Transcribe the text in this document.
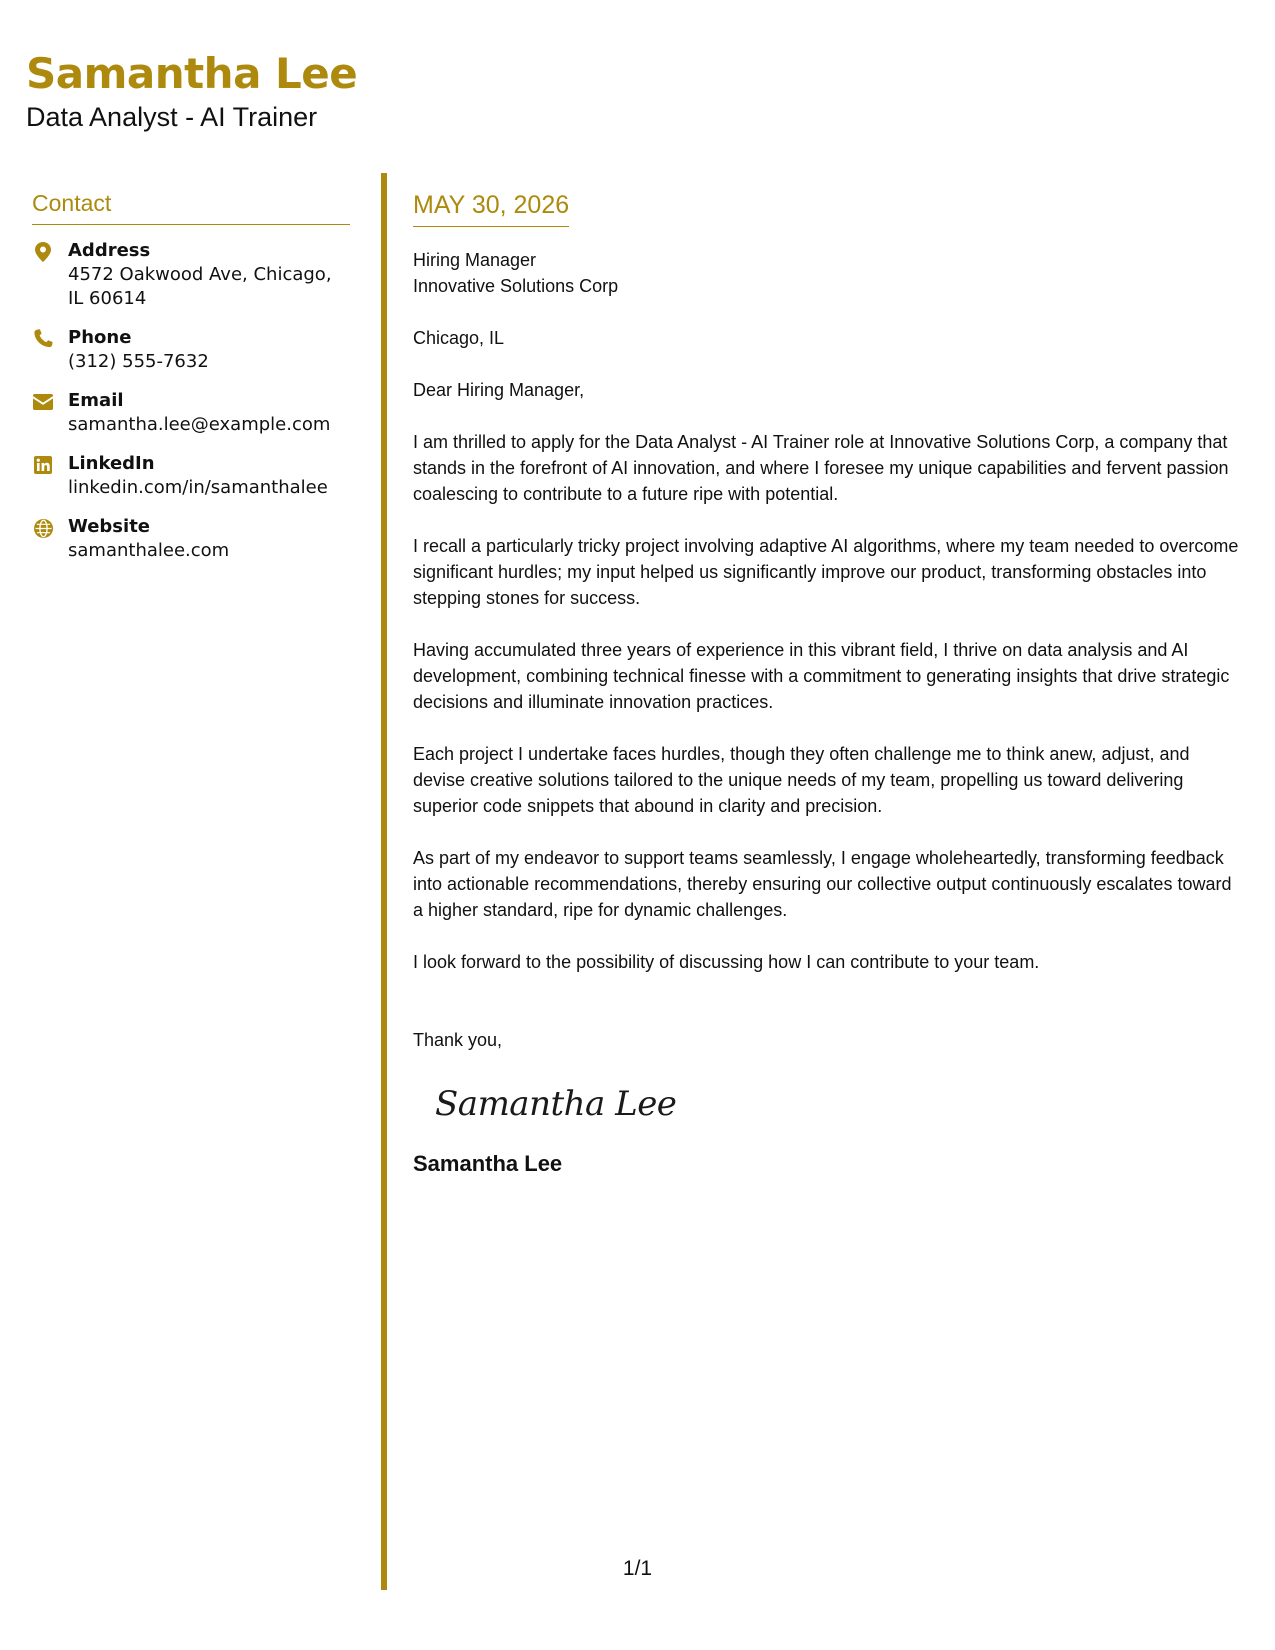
Samantha Lee
Data Analyst - AI Trainer
Contact
Address
4572 Oakwood Ave, Chicago, IL 60614
Phone
(312) 555-7632
Email
samantha.lee@example.com
LinkedIn
linkedin.com/in/samanthalee
Website
samanthalee.com
MAY 30, 2026
Hiring Manager
Innovative Solutions Corp
Chicago, IL
Dear Hiring Manager,

I am thrilled to apply for the Data Analyst - AI Trainer role at Innovative Solutions Corp, a company that stands in the forefront of AI innovation, and where I foresee my unique capabilities and fervent passion coalescing to contribute to a future ripe with potential.

I recall a particularly tricky project involving adaptive AI algorithms, where my team needed to overcome significant hurdles; my input helped us significantly improve our product, transforming obstacles into stepping stones for success.

Having accumulated three years of experience in this vibrant field, I thrive on data analysis and AI development, combining technical finesse with a commitment to generating insights that drive strategic decisions and illuminate innovation practices.

Each project I undertake faces hurdles, though they often challenge me to think anew, adjust, and devise creative solutions tailored to the unique needs of my team, propelling us toward delivering superior code snippets that abound in clarity and precision.

As part of my endeavor to support teams seamlessly, I engage wholeheartedly, transforming feedback into actionable recommendations, thereby ensuring our collective output continuously escalates toward a higher standard, ripe for dynamic challenges.

I look forward to the possibility of discussing how I can contribute to your team.

Thank you,
Samantha Lee
Samantha Lee
1/1
